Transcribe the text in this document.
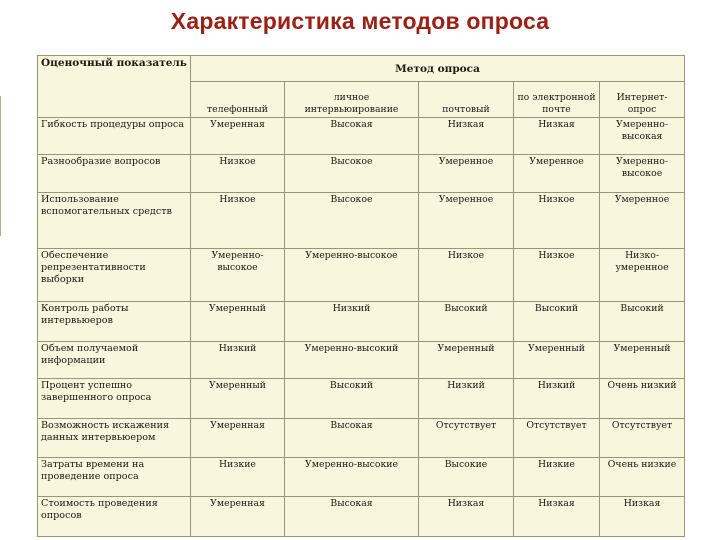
Характеристика методов опроса
Оценочный показатель	Метод опроса				
	телефонный	личное интервьюирование	почтовый	по электронной почте	Интернет-опрос
Гибкость процедуры опроса	Умеренная	Высокая	Низкая	Низкая	Умеренно-высокая
Разнообразие вопросов	Низкое	Высокое	Умеренное	Умеренное	Умеренно-высокое
Использование вспомогательных средств	Низкое	Высокое	Умеренное	Низкое	Умеренное
Обеспечение репрезентативности выборки	Умеренно-высокое	Умеренно-высокое	Низкое	Низкое	Низко-умеренное
Контроль работы интервьюеров	Умеренный	Низкий	Высокий	Высокий	Высокий
Объем получаемой информации	Низкий	Умеренно-высокий	Умеренный	Умеренный	Умеренный
Процент успешно завершенного опроса	Умеренный	Высокий	Низкий	Низкий	Очень низкий
Возможность искажения данных интервьюером	Умеренная	Высокая	Отсутствует	Отсутствует	Отсутствует
Затраты времени на проведение опроса	Низкие	Умеренно-высокие	Высокие	Низкие	Очень низкие
Стоимость проведения опросов	Умеренная	Высокая	Низкая	Низкая	Низкая
